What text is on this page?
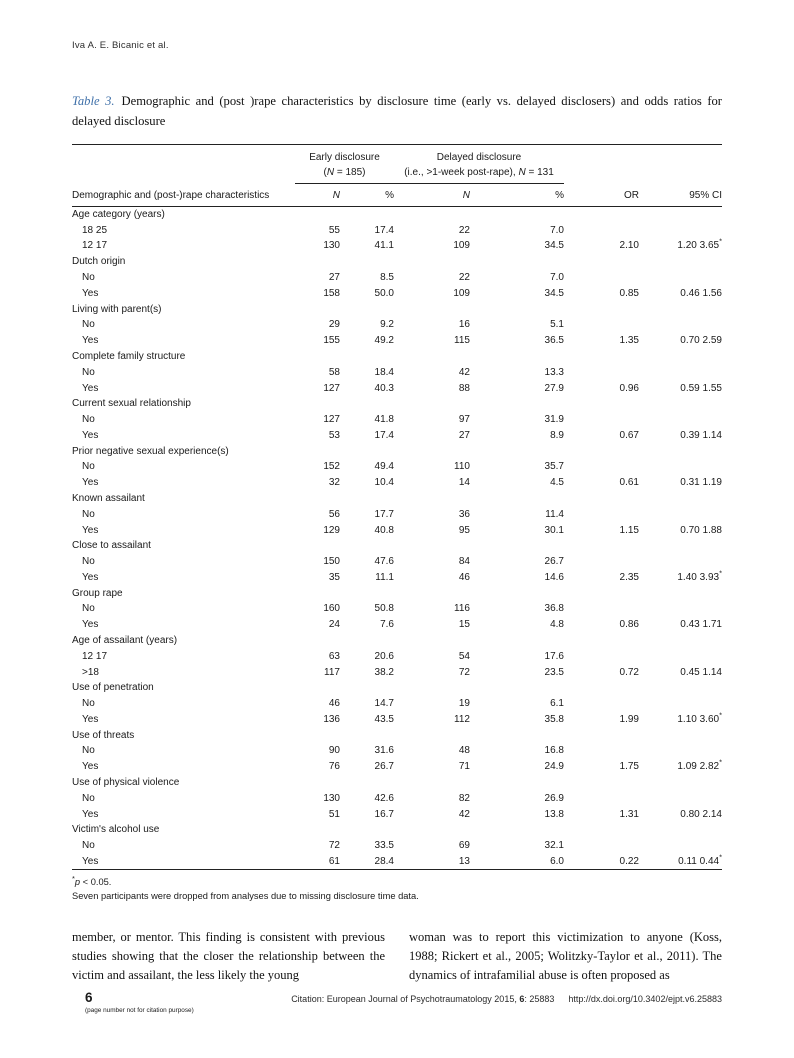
Iva A. E. Bicanic et al.

Table 3. Demographic and (post )rape characteristics by disclosure time (early vs. delayed disclosers) and odds ratios for delayed disclosure

Early disclosure
(N = 185)

Delayed disclosure
(i.e., >1-week post-rape), N = 131

Demographic and (post-)rape characteristics	N	%	N	%	OR	95% CI
Age category (years)						
18 25	55	17.4	22	7.0		
12 17	130	41.1	109	34.5	2.10	1.20 3.65*
Dutch origin						
No	27	8.5	22	7.0		
Yes	158	50.0	109	34.5	0.85	0.46 1.56
Living with parent(s)						
No	29	9.2	16	5.1		
Yes	155	49.2	115	36.5	1.35	0.70 2.59
Complete family structure						
No	58	18.4	42	13.3		
Yes	127	40.3	88	27.9	0.96	0.59 1.55
Current sexual relationship						
No	127	41.8	97	31.9		
Yes	53	17.4	27	8.9	0.67	0.39 1.14
Prior negative sexual experience(s)						
No	152	49.4	110	35.7		
Yes	32	10.4	14	4.5	0.61	0.31 1.19
Known assailant						
No	56	17.7	36	11.4		
Yes	129	40.8	95	30.1	1.15	0.70 1.88
Close to assailant						
No	150	47.6	84	26.7		
Yes	35	11.1	46	14.6	2.35	1.40 3.93*
Group rape						
No	160	50.8	116	36.8		
Yes	24	7.6	15	4.8	0.86	0.43 1.71
Age of assailant (years)						
12 17	63	20.6	54	17.6		
>18	117	38.2	72	23.5	0.72	0.45 1.14
Use of penetration						
No	46	14.7	19	6.1		
Yes	136	43.5	112	35.8	1.99	1.10 3.60*
Use of threats						
No	90	31.6	48	16.8		
Yes	76	26.7	71	24.9	1.75	1.09 2.82*
Use of physical violence						
No	130	42.6	82	26.9		
Yes	51	16.7	42	13.8	1.31	0.80 2.14
Victim's alcohol use						
No	72	33.5	69	32.1		
Yes	61	28.4	13	6.0	0.22	0.11 0.44*
*p < 0.05.
Seven participants were dropped from analyses due to missing disclosure time data.

member, or mentor. This finding is consistent with previous studies showing that the closer the relationship between the victim and assailant, the less likely the young

woman was to report this victimization to anyone (Koss, 1988; Rickert et al., 2005; Wolitzky-Taylor et al., 2011). The dynamics of intrafamilial abuse is often proposed as

6
(page number not for citation purpose)
Citation: European Journal of Psychotraumatology 2015, 6: 25883 http://dx.doi.org/10.3402/ejpt.v6.25883
